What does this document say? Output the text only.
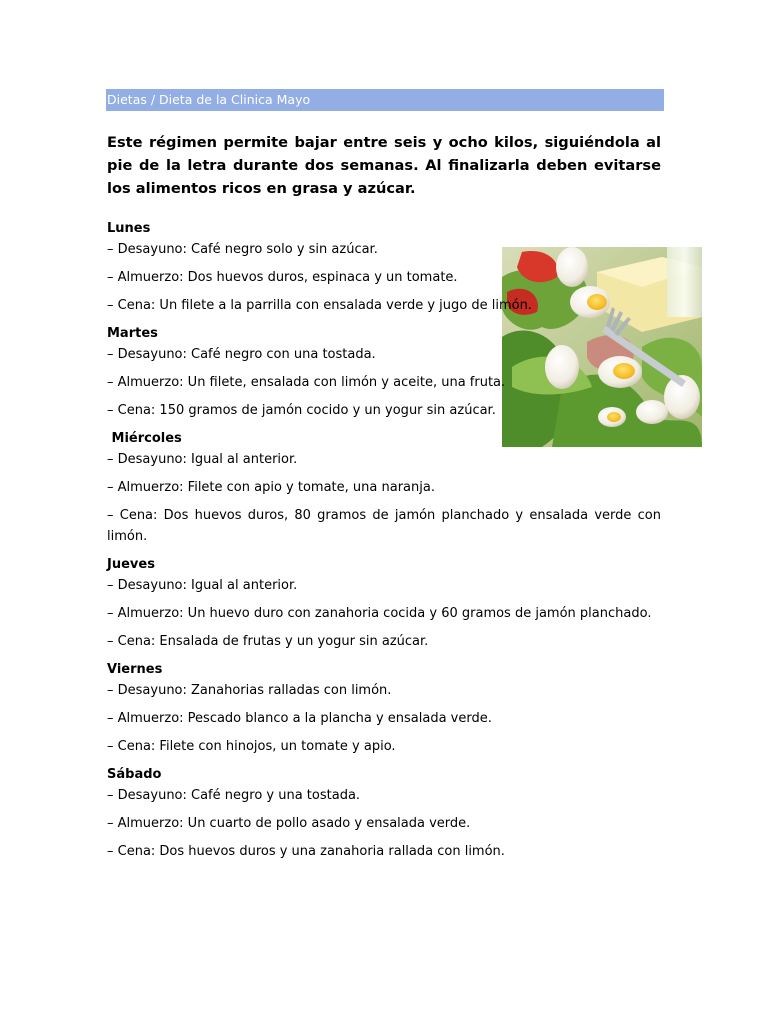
Dietas / Dieta de la Clinica Mayo

Este régimen permite bajar entre seis y ocho kilos, siguiéndola al pie de la letra durante dos semanas. Al finalizarla deben evitarse los alimentos ricos en grasa y azúcar.

Lunes

– Desayuno: Café negro solo y sin azúcar.

– Almuerzo: Dos huevos duros, espinaca y un tomate.

– Cena: Un filete a la parrilla con ensalada verde y jugo de limón.

Martes

– Desayuno: Café negro con una tostada.

– Almuerzo: Un filete, ensalada con limón y aceite, una fruta.

– Cena: 150 gramos de jamón cocido y un yogur sin azúcar.

Miércoles

– Desayuno: Igual al anterior.

– Almuerzo: Filete con apio y tomate, una naranja.

– Cena: Dos huevos duros, 80 gramos de jamón planchado y ensalada verde con limón.

Jueves

– Desayuno: Igual al anterior.

– Almuerzo: Un huevo duro con zanahoria cocida y 60 gramos de jamón planchado.

– Cena: Ensalada de frutas y un yogur sin azúcar.

Viernes

– Desayuno: Zanahorias ralladas con limón.

– Almuerzo: Pescado blanco a la plancha y ensalada verde.

– Cena: Filete con hinojos, un tomate y apio.

Sábado

– Desayuno: Café negro y una tostada.

– Almuerzo: Un cuarto de pollo asado y ensalada verde.

– Cena: Dos huevos duros y una zanahoria rallada con limón.
